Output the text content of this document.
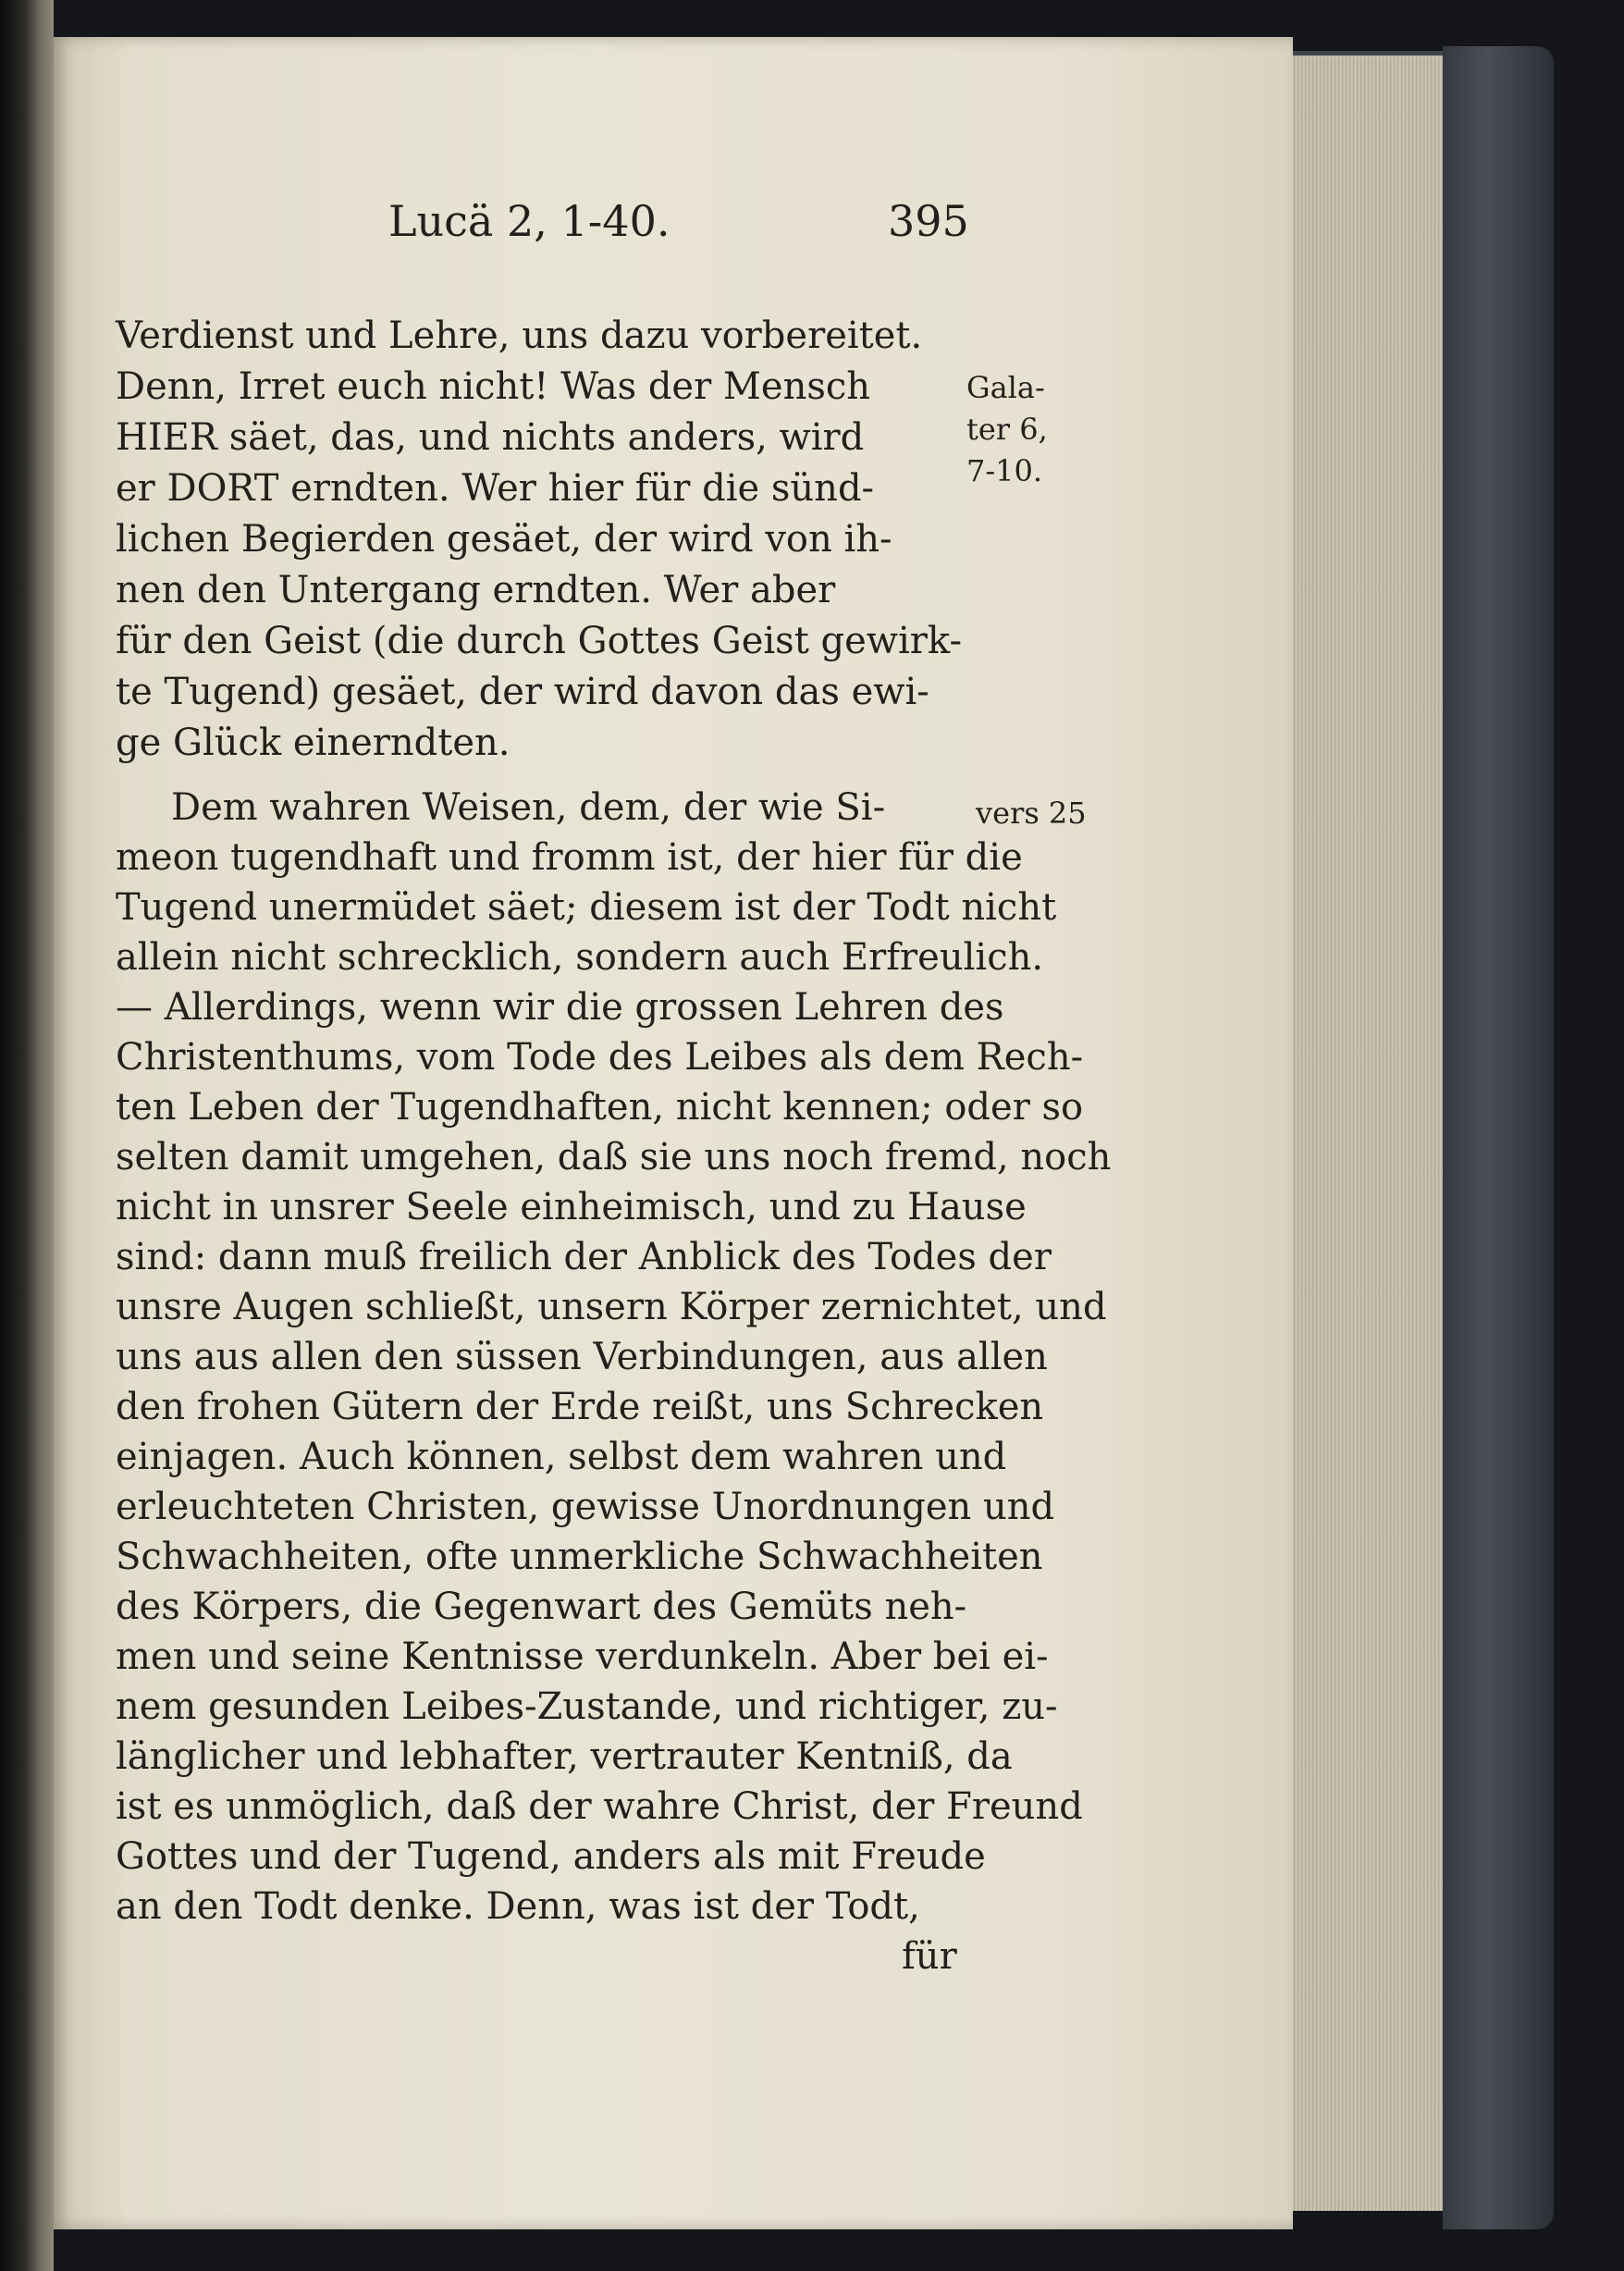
Lucä 2, 1-40.	395
Verdienst und Lehre, uns dazu vorbereitet.
Denn, Irret euch nicht! Was der Mensch
HIER säet, das, und nichts anders, wird
er DORT erndten. Wer hier für die sünd-
lichen Begierden gesäet, der wird von ih-
nen den Untergang erndten. Wer aber
für den Geist (die durch Gottes Geist gewirk-
te Tugend) gesäet, der wird davon das ewi-
ge Glück einerndten.
Gala-
ter 6,
7-10.
Dem wahren Weisen, dem, der wie Si-
meon tugendhaft und fromm ist, der hier für die
Tugend unermüdet säet; diesem ist der Todt nicht
allein nicht schrecklich, sondern auch Erfreulich.
— Allerdings, wenn wir die grossen Lehren des
Christenthums, vom Tode des Leibes als dem Rech-
ten Leben der Tugendhaften, nicht kennen; oder so
selten damit umgehen, daß sie uns noch fremd, noch
nicht in unsrer Seele einheimisch, und zu Hause
sind: dann muß freilich der Anblick des Todes der
unsre Augen schließt, unsern Körper zernichtet, und
uns aus allen den süssen Verbindungen, aus allen
den frohen Gütern der Erde reißt, uns Schrecken
einjagen. Auch können, selbst dem wahren und
erleuchteten Christen, gewisse Unordnungen und
Schwachheiten, ofte unmerkliche Schwachheiten
des Körpers, die Gegenwart des Gemüts neh-
men und seine Kentnisse verdunkeln. Aber bei ei-
nem gesunden Leibes-Zustande, und richtiger, zu-
länglicher und lebhafter, vertrauter Kentniß, da
ist es unmöglich, daß der wahre Christ, der Freund
Gottes und der Tugend, anders als mit Freude
an den Todt denke. Denn, was ist der Todt,
für
vers 25
